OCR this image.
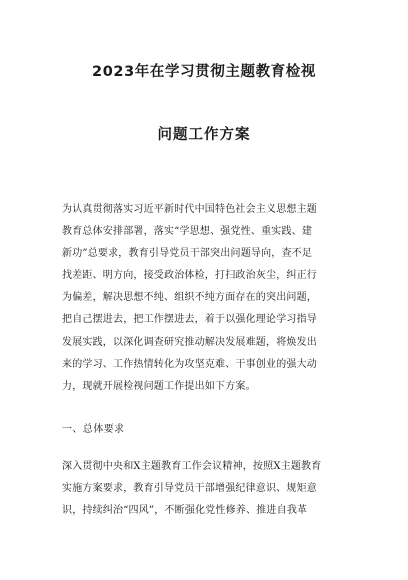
2023年在学习贯彻主题教育检视
问题工作方案
为认真贯彻落实习近平新时代中国特色社会主义思想主题
教育总体安排部署，落实“学思想、强党性、重实践、建
新功”总要求，教育引导党员干部突出问题导向，查不足
找差距、明方向，接受政治体检，打扫政治灰尘，纠正行
为偏差，解决思想不纯、组织不纯方面存在的突出问题，
把自己摆进去，把工作摆进去，着于以强化理论学习指导
发展实践，以深化调查研究推动解决发展难题，将焕发出
来的学习、工作热情转化为攻坚克难、干事创业的强大动
力，现就开展检视问题工作提出如下方案。
一、总体要求
深入贯彻中央和X主题教育工作会议精神，按照X主题教育
实施方案要求，教育引导党员干部增强纪律意识、规矩意
识，持续纠治“四风”，不断强化党性修养、推进自我革
